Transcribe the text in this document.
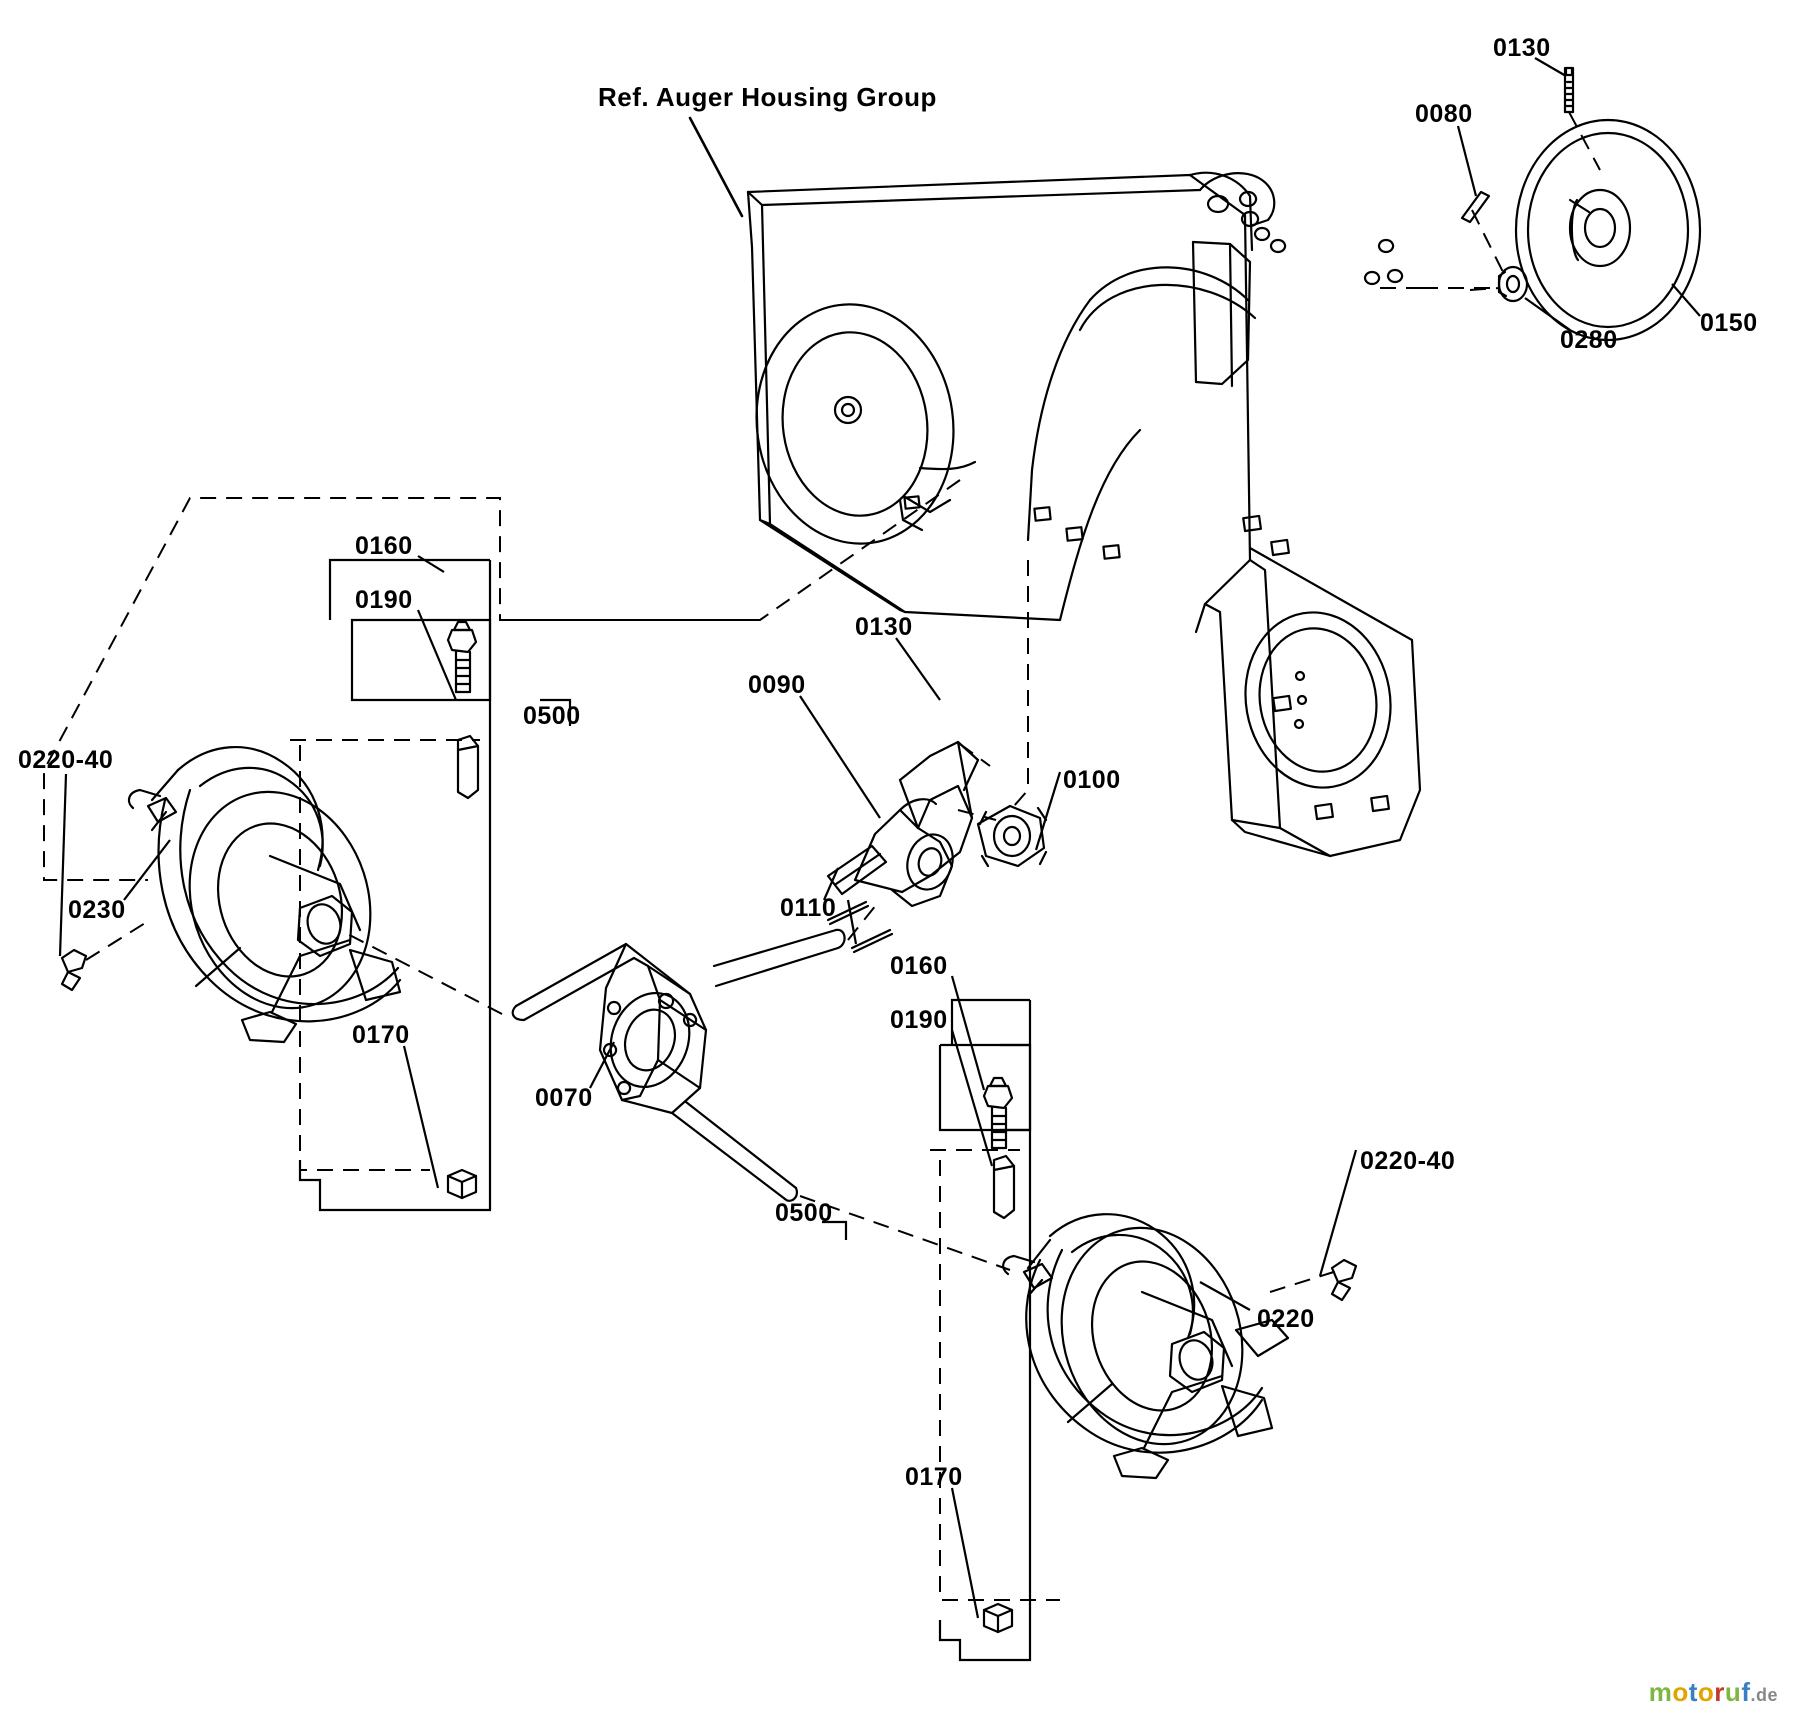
Ref. Auger Housing Group
0130
0080
0150
0280
0160
0190
0130
0090
0500
0100
0220-40
0230	0110
0160
0190
0170
0070
0220-40
0500
0220
0170
motoruf.de
